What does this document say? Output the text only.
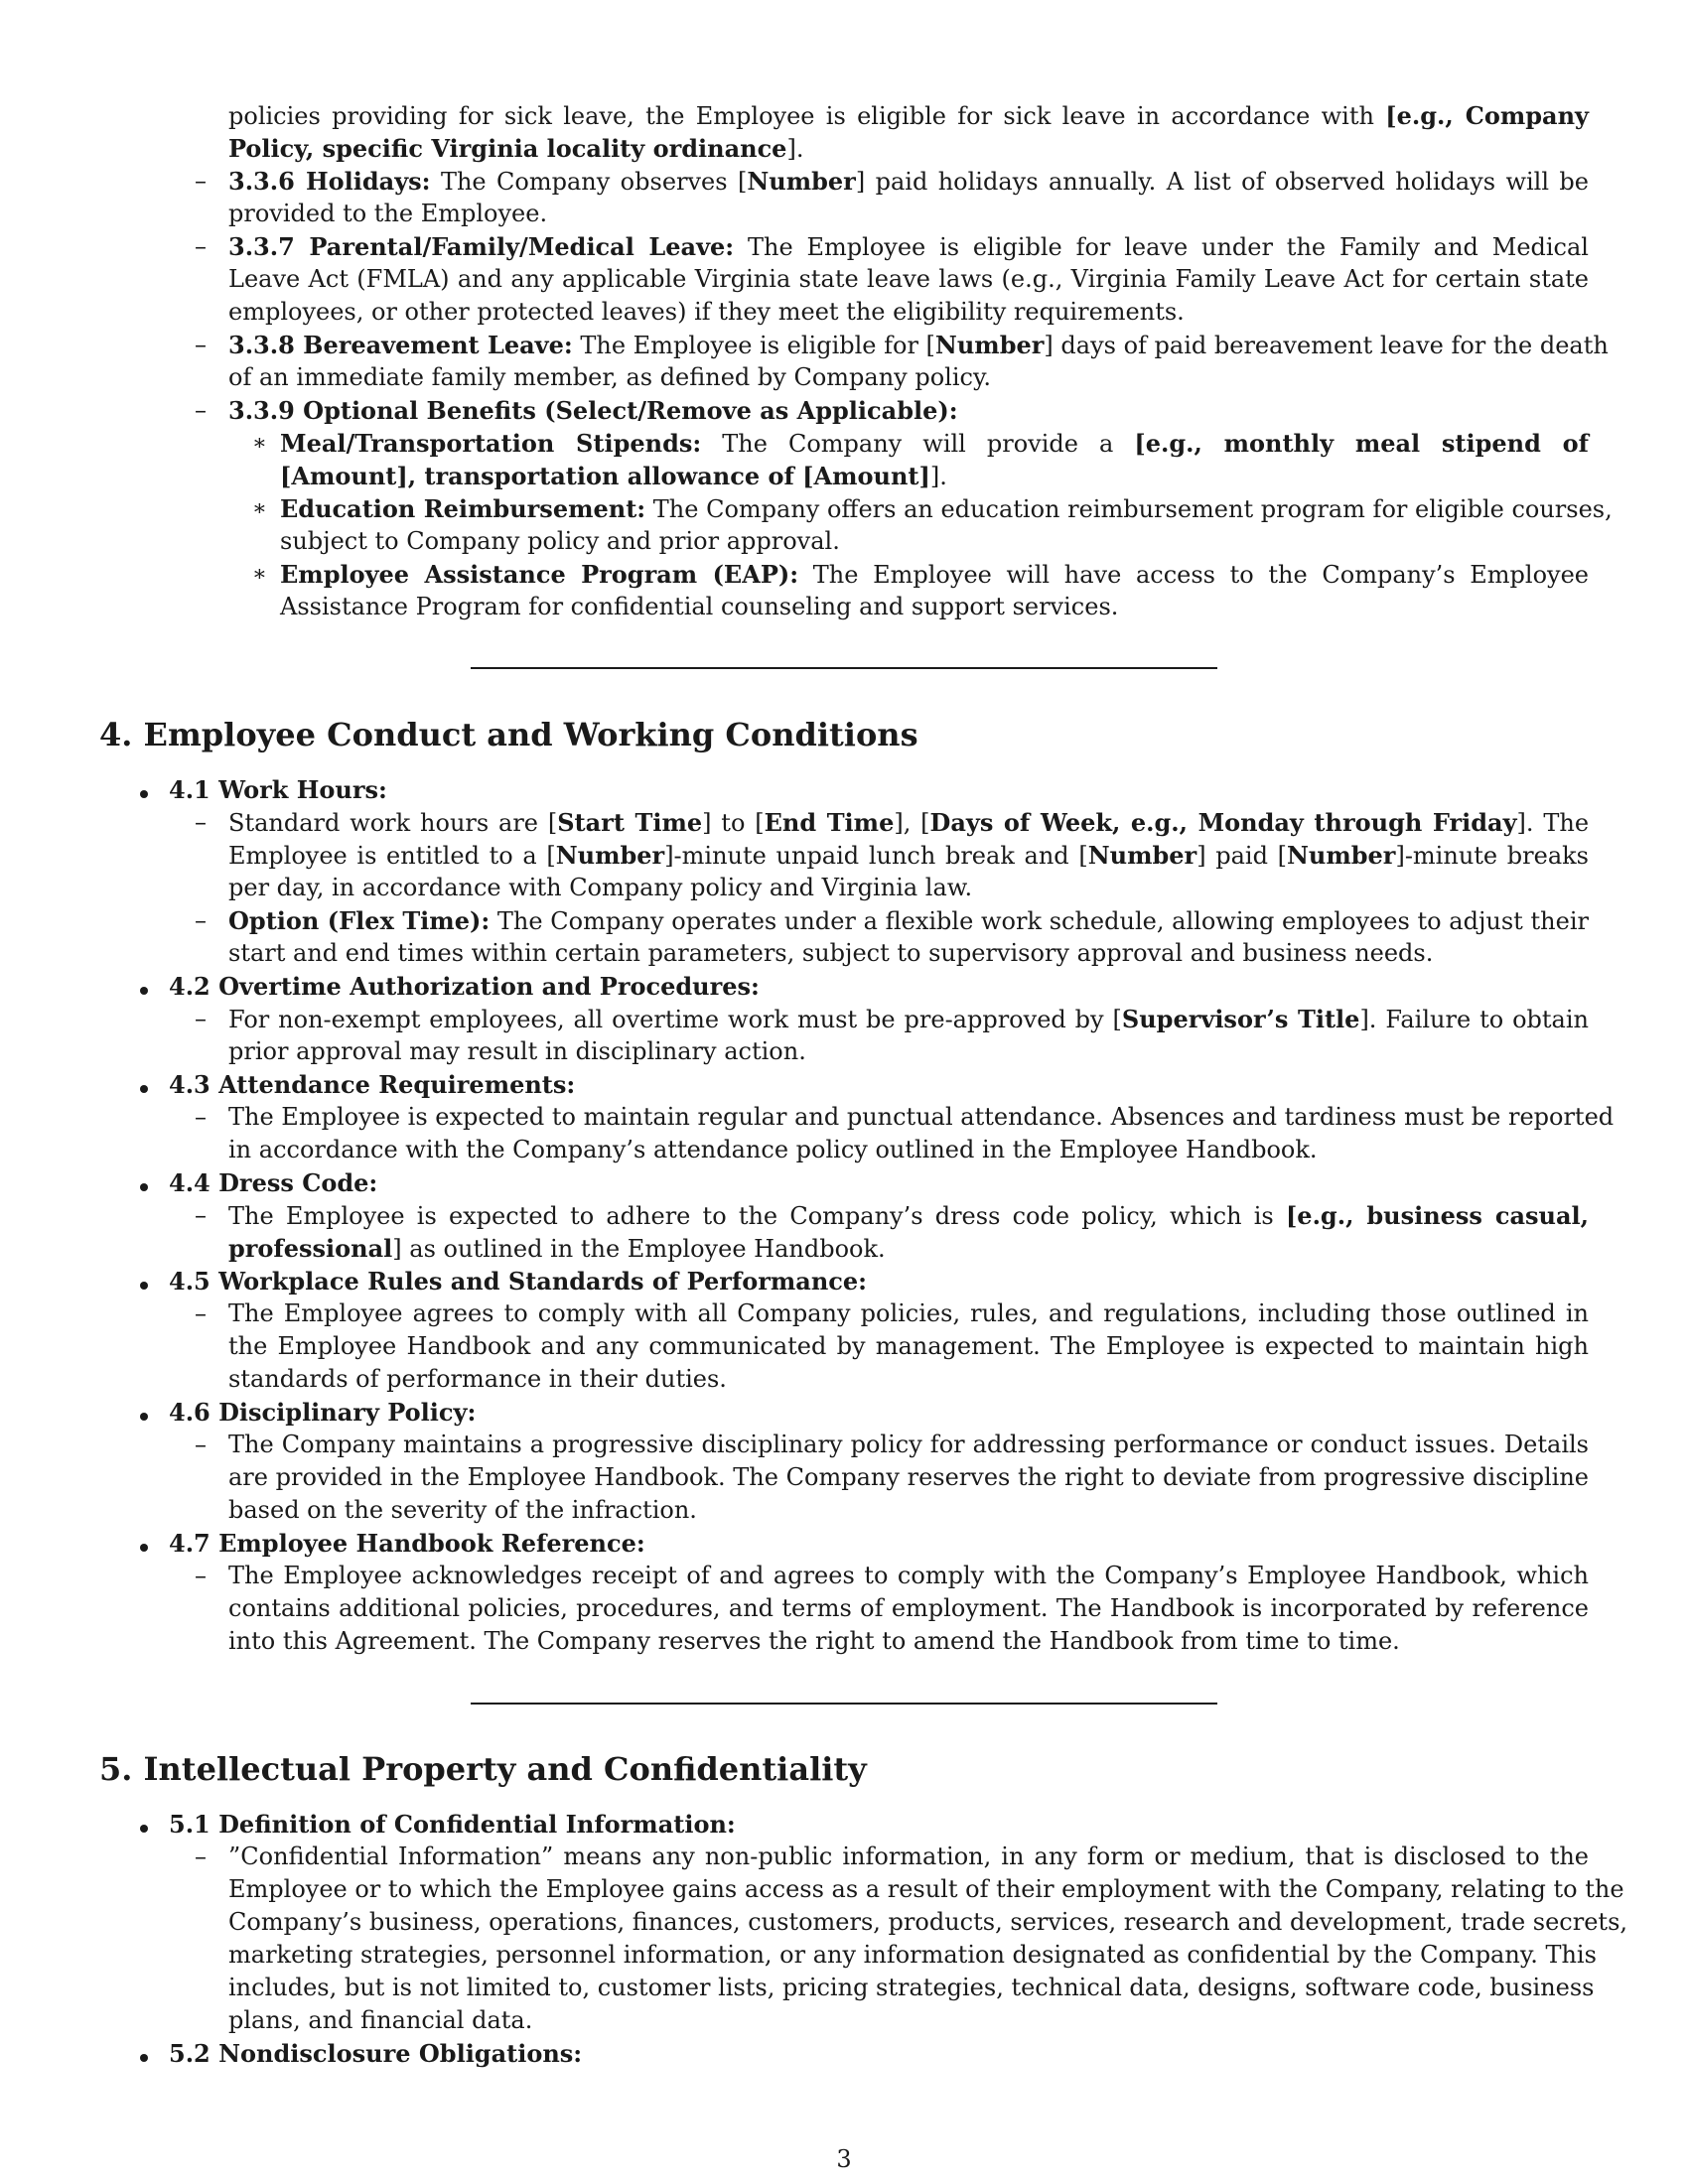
policies providing for sick leave, the Employee is eligible for sick leave in accordance with [e.g., Company
Policy, specific Virginia locality ordinance].
– 3.3.6 Holidays: The Company observes [Number] paid holidays annually. A list of observed holidays will be
provided to the Employee.
– 3.3.7 Parental/Family/Medical Leave: The Employee is eligible for leave under the Family and Medical
Leave Act (FMLA) and any applicable Virginia state leave laws (e.g., Virginia Family Leave Act for certain state
employees, or other protected leaves) if they meet the eligibility requirements.
– 3.3.8 Bereavement Leave: The Employee is eligible for [Number] days of paid bereavement leave for the death
of an immediate family member, as defined by Company policy.
– 3.3.9 Optional Benefits (Select/Remove as Applicable):
∗ Meal/Transportation Stipends: The Company will provide a [e.g., monthly meal stipend of
[Amount], transportation allowance of [Amount]].
∗ Education Reimbursement: The Company offers an education reimbursement program for eligible courses,
subject to Company policy and prior approval.
∗ Employee Assistance Program (EAP): The Employee will have access to the Company’s Employee
Assistance Program for confidential counseling and support services.
4. Employee Conduct and Working Conditions
4.1 Work Hours:
– Standard work hours are [Start Time] to [End Time], [Days of Week, e.g., Monday through Friday]. The
Employee is entitled to a [Number]-minute unpaid lunch break and [Number] paid [Number]-minute breaks
per day, in accordance with Company policy and Virginia law.
– Option (Flex Time): The Company operates under a flexible work schedule, allowing employees to adjust their
start and end times within certain parameters, subject to supervisory approval and business needs.
4.2 Overtime Authorization and Procedures:
– For non-exempt employees, all overtime work must be pre-approved by [Supervisor’s Title]. Failure to obtain
prior approval may result in disciplinary action.
4.3 Attendance Requirements:
– The Employee is expected to maintain regular and punctual attendance. Absences and tardiness must be reported
in accordance with the Company’s attendance policy outlined in the Employee Handbook.
4.4 Dress Code:
– The Employee is expected to adhere to the Company’s dress code policy, which is [e.g., business casual,
professional] as outlined in the Employee Handbook.
4.5 Workplace Rules and Standards of Performance:
– The Employee agrees to comply with all Company policies, rules, and regulations, including those outlined in
the Employee Handbook and any communicated by management. The Employee is expected to maintain high
standards of performance in their duties.
4.6 Disciplinary Policy:
– The Company maintains a progressive disciplinary policy for addressing performance or conduct issues. Details
are provided in the Employee Handbook. The Company reserves the right to deviate from progressive discipline
based on the severity of the infraction.
4.7 Employee Handbook Reference:
– The Employee acknowledges receipt of and agrees to comply with the Company’s Employee Handbook, which
contains additional policies, procedures, and terms of employment. The Handbook is incorporated by reference
into this Agreement. The Company reserves the right to amend the Handbook from time to time.
5. Intellectual Property and Confidentiality
5.1 Definition of Confidential Information:
– ”Confidential Information” means any non-public information, in any form or medium, that is disclosed to the
Employee or to which the Employee gains access as a result of their employment with the Company, relating to the
Company’s business, operations, finances, customers, products, services, research and development, trade secrets,
marketing strategies, personnel information, or any information designated as confidential by the Company. This
includes, but is not limited to, customer lists, pricing strategies, technical data, designs, software code, business
plans, and financial data.
5.2 Nondisclosure Obligations:
3
